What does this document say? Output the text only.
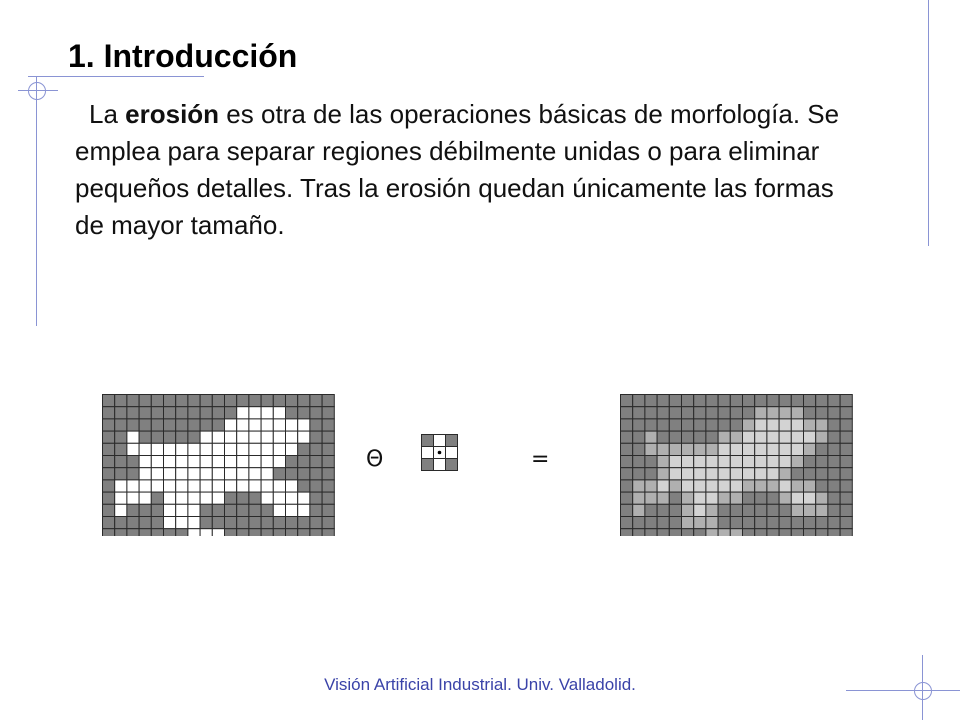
1. Introducción
La erosión es otra de las operaciones básicas de morfología. Se emplea para separar regiones débilmente unidas o para eliminar pequeños detalles. Tras la erosión quedan únicamente las formas de mayor tamaño.
Θ	=
Visión Artificial Industrial. Univ. Valladolid.
